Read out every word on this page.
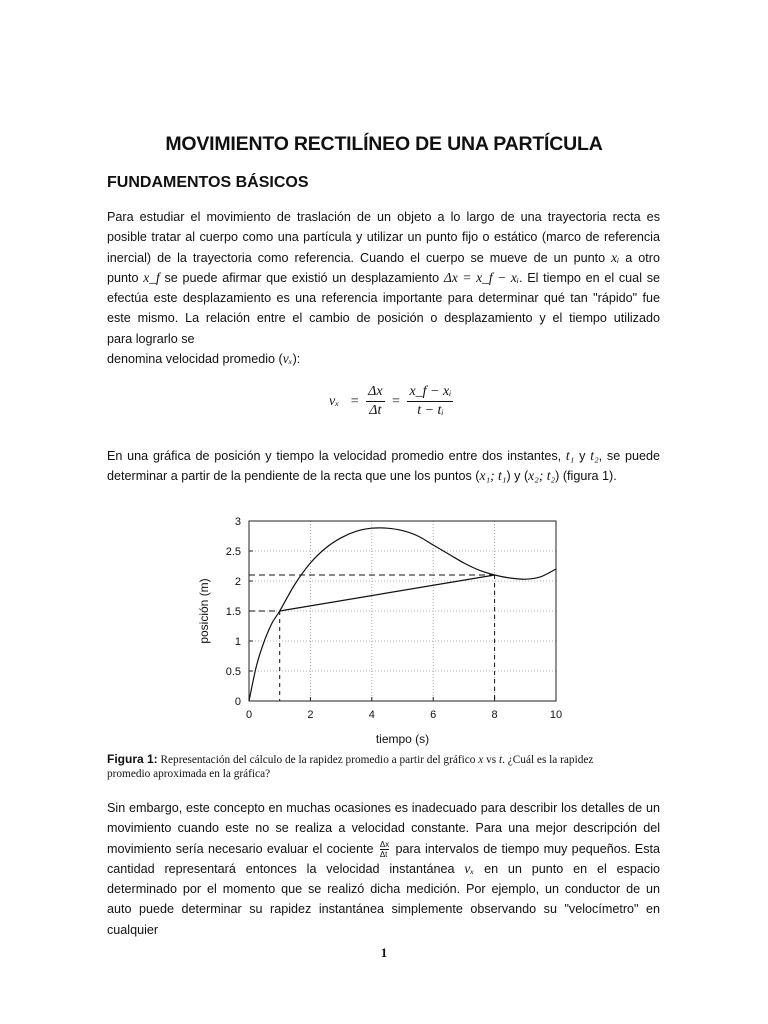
MOVIMIENTO RECTILÍNEO DE UNA PARTÍCULA
FUNDAMENTOS BÁSICOS
Para estudiar el movimiento de traslación de un objeto a lo largo de una trayectoria recta es
posible tratar al cuerpo como una partícula y utilizar un punto fijo o estático (marco de referencia
inercial) de la trayectoria como referencia. Cuando el cuerpo se mueve de un punto xᵢ a otro
punto x_f se puede afirmar que existió un desplazamiento Δx = x_f − xᵢ. El tiempo en el cual se
efectúa este desplazamiento es una referencia importante para determinar qué tan "rápido" fue
este mismo. La relación entre el cambio de posición o desplazamiento y el tiempo utilizado
para lograrlo se
denomina velocidad promedio (vₓ):
$v_x = \frac{\Delta x}{\Delta t} = \frac{\text{x\_f − xᵢ}}{\text{t − tᵢ}}$
En una gráfica de posición y tiempo la velocidad promedio entre dos instantes, t₁ y t₂, se puede
determinar a partir de la pendiente de la recta que une los puntos (x₁; t₁) y (x₂; t₂) (figura 1).
0	2	4	6	8	10
0
0.5
1
1.5
2
2.5
3
tiempo (s)
posición (m)
Figura 1: Representación del cálculo de la rapidez promedio a partir del gráfico x vs t. ¿Cuál es la rapidez
promedio aproximada en la gráfica?
Sin embargo, este concepto en muchas ocasiones es inadecuado para describir los detalles de un
movimiento cuando este no se realiza a velocidad constante. Para una mejor descripción del
movimiento sería necesario evaluar el cociente $\frac{\Delta x}{\Delta t}$ para intervalos de tiempo muy pequeños. Esta
cantidad representará entonces la velocidad instantánea vₓ en un punto en el espacio
determinado por el momento que se realizó dicha medición. Por ejemplo, un conductor de un
auto puede determinar su rapidez instantánea simplemente observando su "velocímetro" en
cualquier
1
